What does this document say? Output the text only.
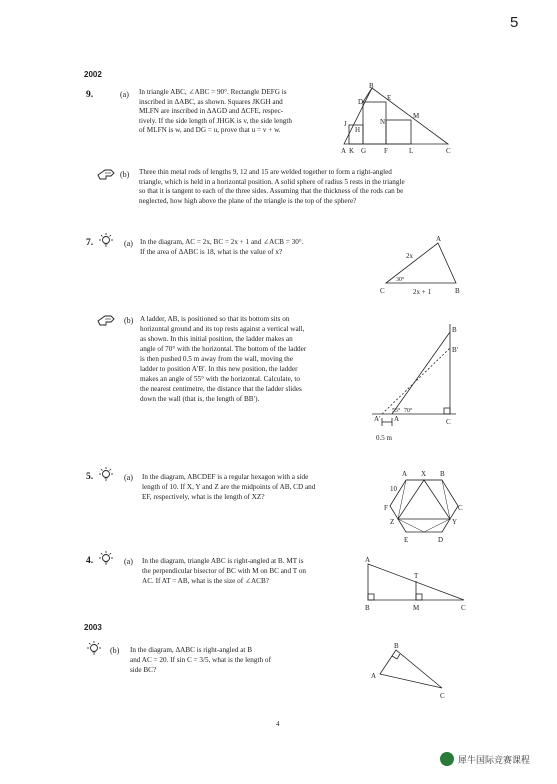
5
2002
9.	(a) In triangle ABC, ∠ABC = 90°. Rectangle DEFG is
inscribed in ΔABC, as shown. Squares JKGH and
MLFN are inscribed in ΔAGD and ΔCFE, respec-
tively. If the side length of JHGK is v, the side length
of MLFN is w, and DG = u, prove that u = v + w.
B
D	E
M
N
J
H
A K G	F	L	C
(b) Three thin metal rods of lengths 9, 12 and 15 are welded together to form a right-angled
triangle, which is held in a horizontal position. A solid sphere of radius 5 rests in the triangle
so that it is tangent to each of the three sides. Assuming that the thickness of the rods can be
neglected, how high above the plane of the triangle is the top of the sphere?
7.	(a) In the diagram, AC = 2x, BC = 2x + 1 and ∠ACB = 30°.
If the area of ΔABC is 18, what is the value of x?
A
2x
30°
C	2x + 1	B
(b) A ladder, AB, is positioned so that its bottom sits on
horizontal ground and its top rests against a vertical wall,
as shown. In this initial position, the ladder makes an
angle of 70° with the horizontal. The bottom of the ladder
is then pushed 0.5 m away from the wall, moving the
ladder to position A′B′. In this new position, the ladder
makes an angle of 55° with the horizontal. Calculate, to
the nearest centimetre, the distance that the ladder slides
down the wall (that is, the length of BB′).
B
B′
55° 70°
A′ A	C
0.5 m
5.	(a) In the diagram, ABCDEF is a regular hexagon with a side
length of 10. If X, Y and Z are the midpoints of AB, CD and
EF, respectively, what is the length of XZ?
A X B
10
F	C
Z	Y
E	D
4.	(a) In the diagram, triangle ABC is right-angled at B. MT is
the perpendicular bisector of BC with M on BC and T on
AC. If AT = AB, what is the size of ∠ACB?
A
T
B	M	C
2003
(b) In the diagram, ΔABC is right-angled at B
and AC = 20. If sin C = 3/5, what is the length of
side BC?
B
A
C
4
犀牛国际竞赛课程
